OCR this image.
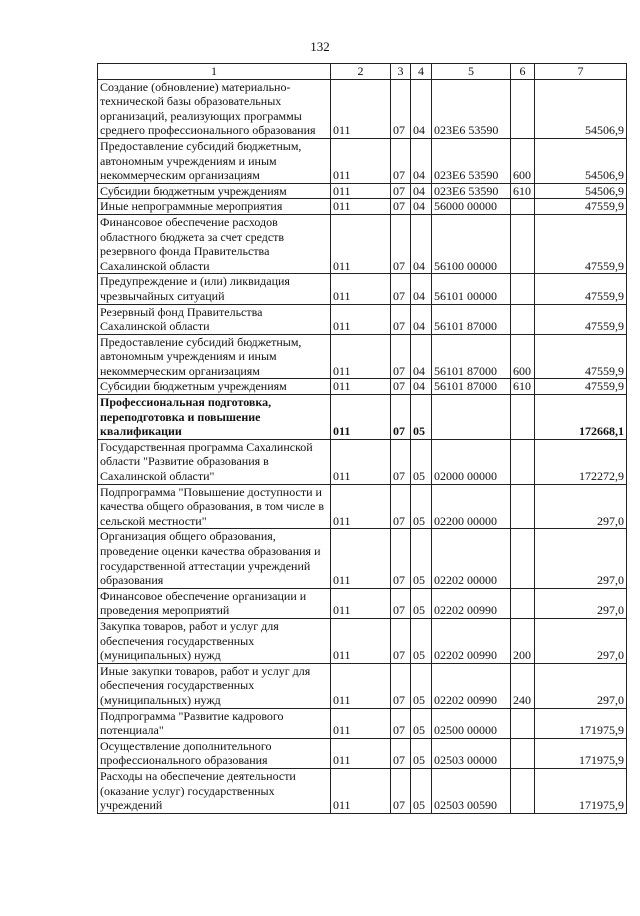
132
1	2	3	4	5	6	7
Создание (обновление) материально-технической базы образовательных организаций, реализующих программы среднего профессионального образования	011	07	04	023Е6 53590		54506,9
Предоставление субсидий бюджетным, автономным учреждениям и иным некоммерческим организациям	011	07	04	023Е6 53590	600	54506,9
Субсидии бюджетным учреждениям	011	07	04	023Е6 53590	610	54506,9
Иные непрограммные мероприятия	011	07	04	56000 00000		47559,9
Финансовое обеспечение расходов областного бюджета за счет средств резервного фонда Правительства Сахалинской области	011	07	04	56100 00000		47559,9
Предупреждение и (или) ликвидация чрезвычайных ситуаций	011	07	04	56101 00000		47559,9
Резервный фонд Правительства Сахалинской области	011	07	04	56101 87000		47559,9
Предоставление субсидий бюджетным, автономным учреждениям и иным некоммерческим организациям	011	07	04	56101 87000	600	47559,9
Субсидии бюджетным учреждениям	011	07	04	56101 87000	610	47559,9
Профессиональная подготовка, переподготовка и повышение квалификации	011	07	05			172668,1
Государственная программа Сахалинской области "Развитие образования в Сахалинской области"	011	07	05	02000 00000		172272,9
Подпрограмма "Повышение доступности и качества общего образования, в том числе в сельской местности"	011	07	05	02200 00000		297,0
Организация общего образования, проведение оценки качества образования и государственной аттестации учреждений образования	011	07	05	02202 00000		297,0
Финансовое обеспечение организации и проведения мероприятий	011	07	05	02202 00990		297,0
Закупка товаров, работ и услуг для обеспечения государственных (муниципальных) нужд	011	07	05	02202 00990	200	297,0
Иные закупки товаров, работ и услуг для обеспечения государственных (муниципальных) нужд	011	07	05	02202 00990	240	297,0
Подпрограмма "Развитие кадрового потенциала"	011	07	05	02500 00000		171975,9
Осуществление дополнительного профессионального образования	011	07	05	02503 00000		171975,9
Расходы на обеспечение деятельности (оказание услуг) государственных учреждений	011	07	05	02503 00590		171975,9
